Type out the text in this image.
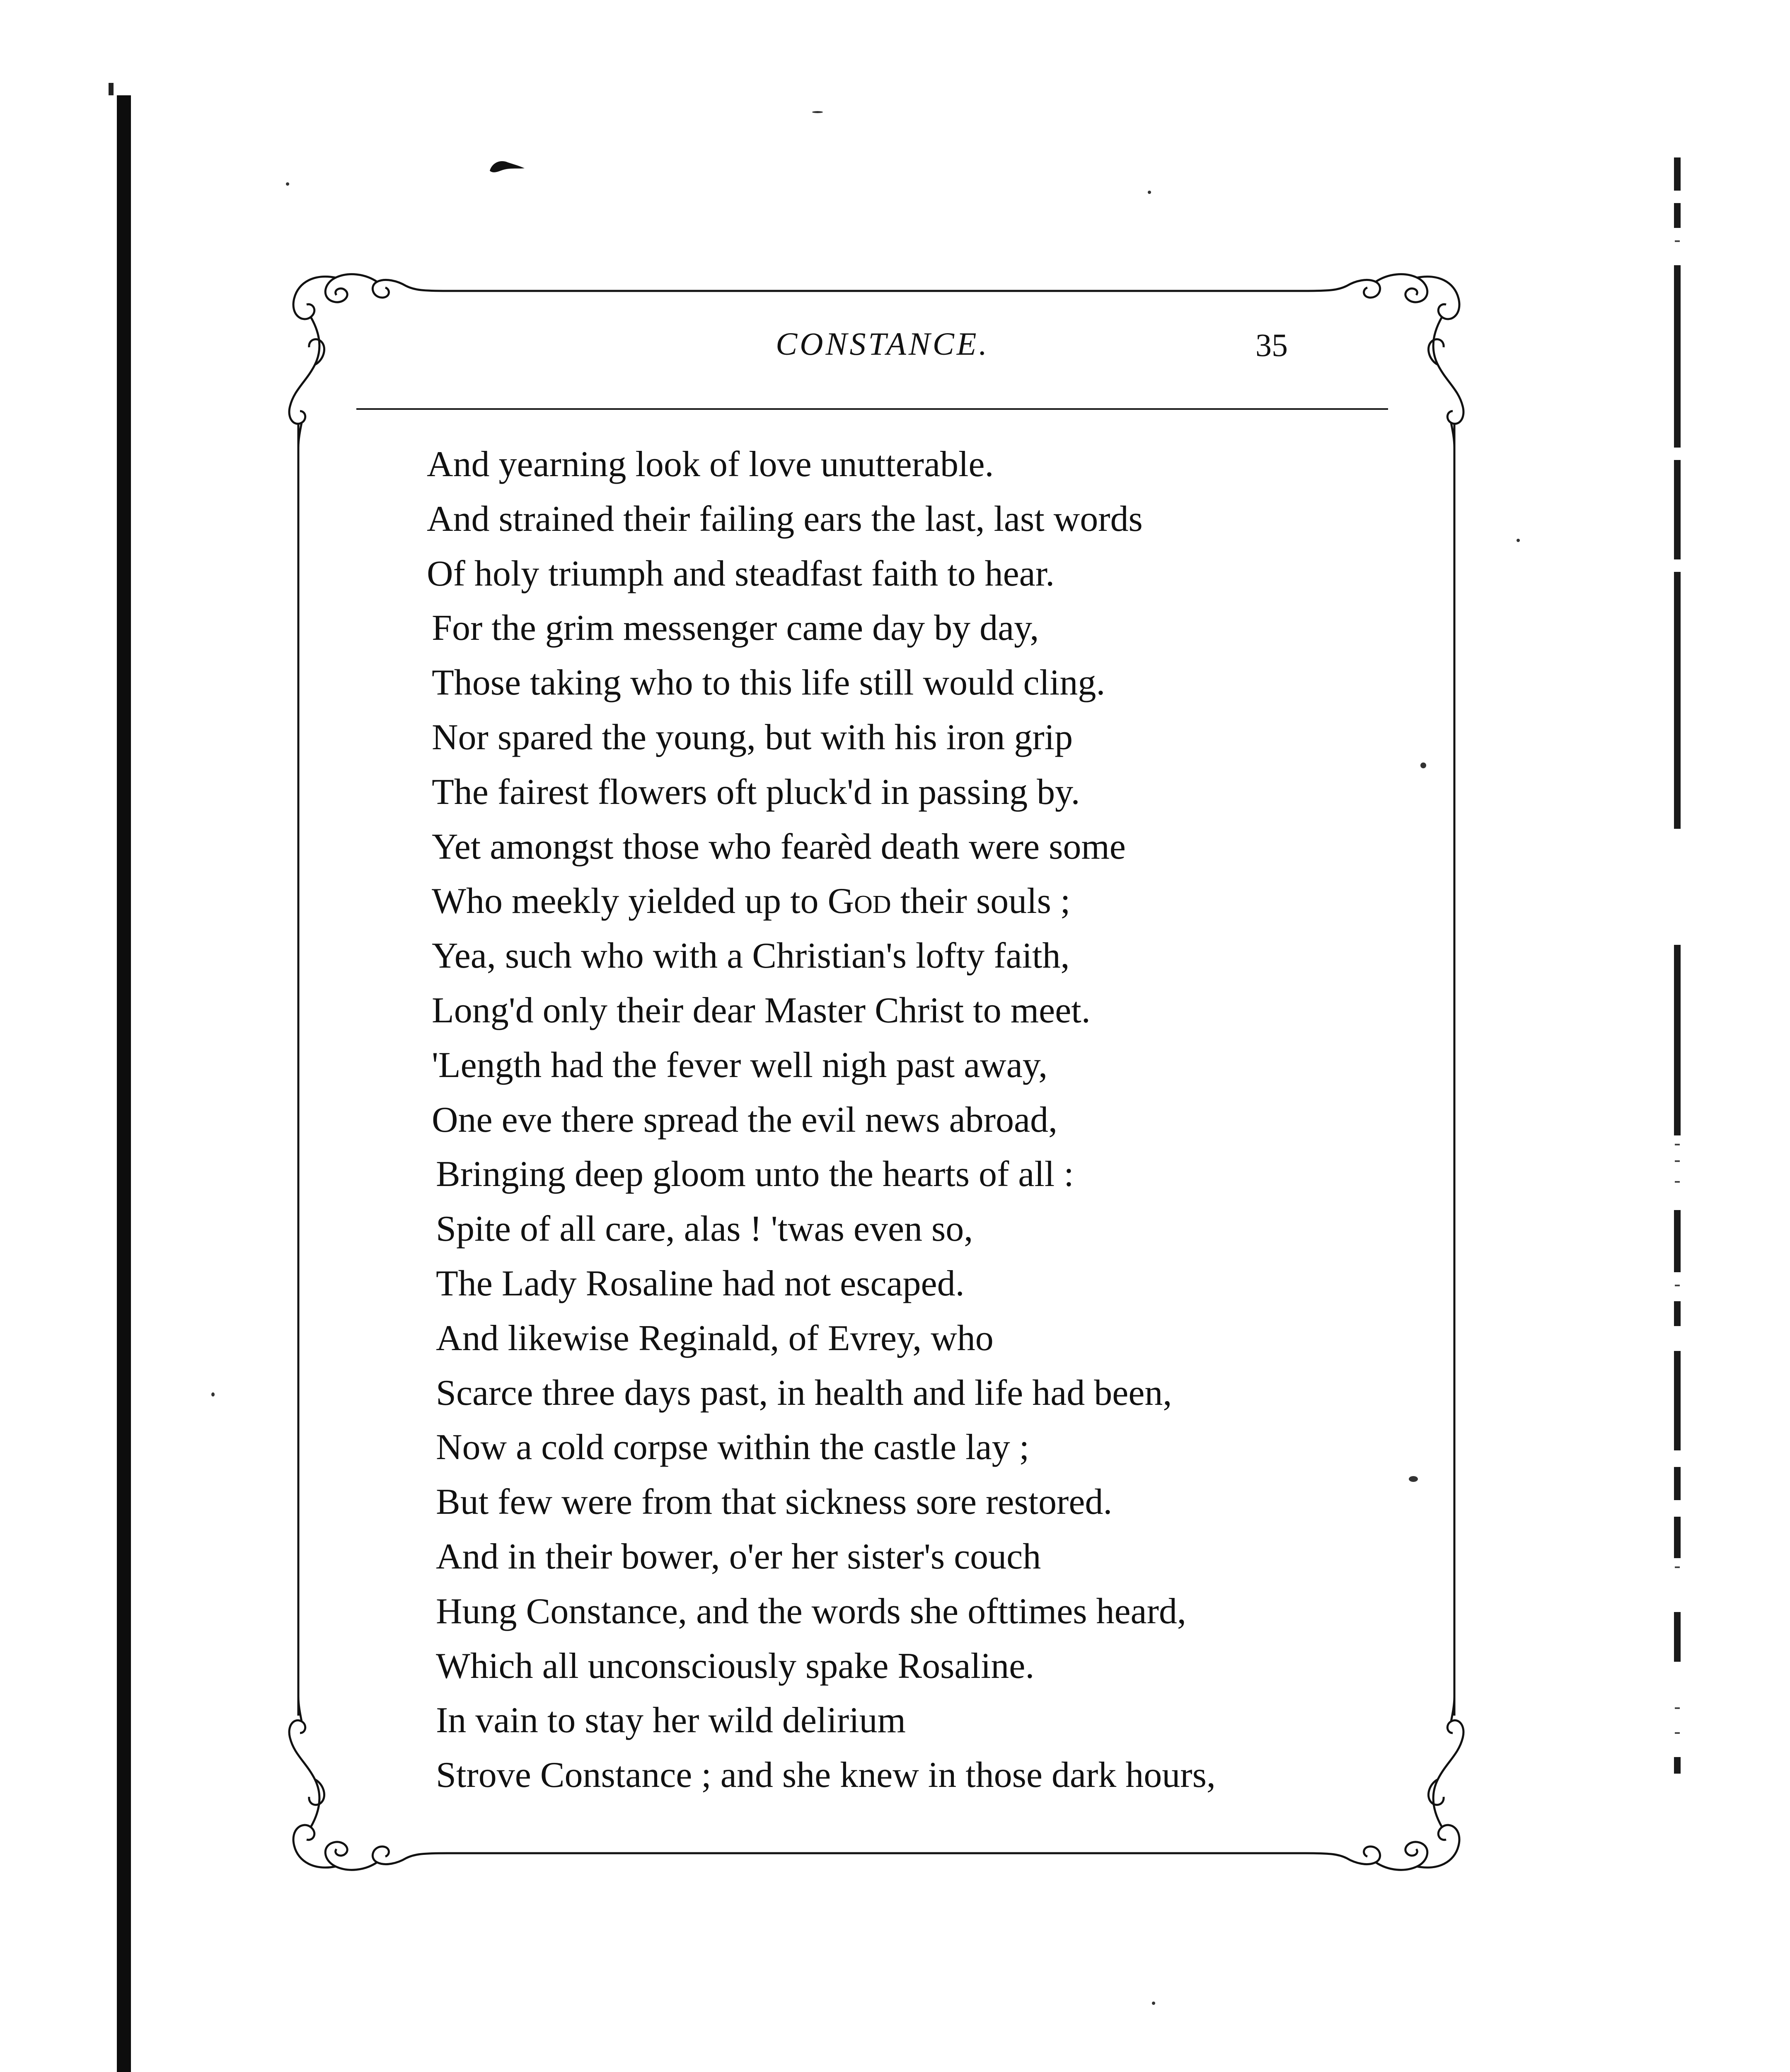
CONSTANCE.	35
And yearning look of love unutterable.
And strained their failing ears the last, last words
Of holy triumph and steadfast faith to hear.
For the grim messenger came day by day,
Those taking who to this life still would cling.
Nor spared the young, but with his iron grip
The fairest flowers oft pluck'd in passing by.
Yet amongst those who fearèd death were some
Who meekly yielded up to God their souls ;
Yea, such who with a Christian's lofty faith,
Long'd only their dear Master Christ to meet.
'Length had the fever well nigh past away,
One eve there spread the evil news abroad,
Bringing deep gloom unto the hearts of all :
Spite of all care, alas ! 'twas even so,
The Lady Rosaline had not escaped.
And likewise Reginald, of Evrey, who
Scarce three days past, in health and life had been,
Now a cold corpse within the castle lay ;
But few were from that sickness sore restored.
And in their bower, o'er her sister's couch
Hung Constance, and the words she ofttimes heard,
Which all unconsciously spake Rosaline.
In vain to stay her wild delirium
Strove Constance ; and she knew in those dark hours,
